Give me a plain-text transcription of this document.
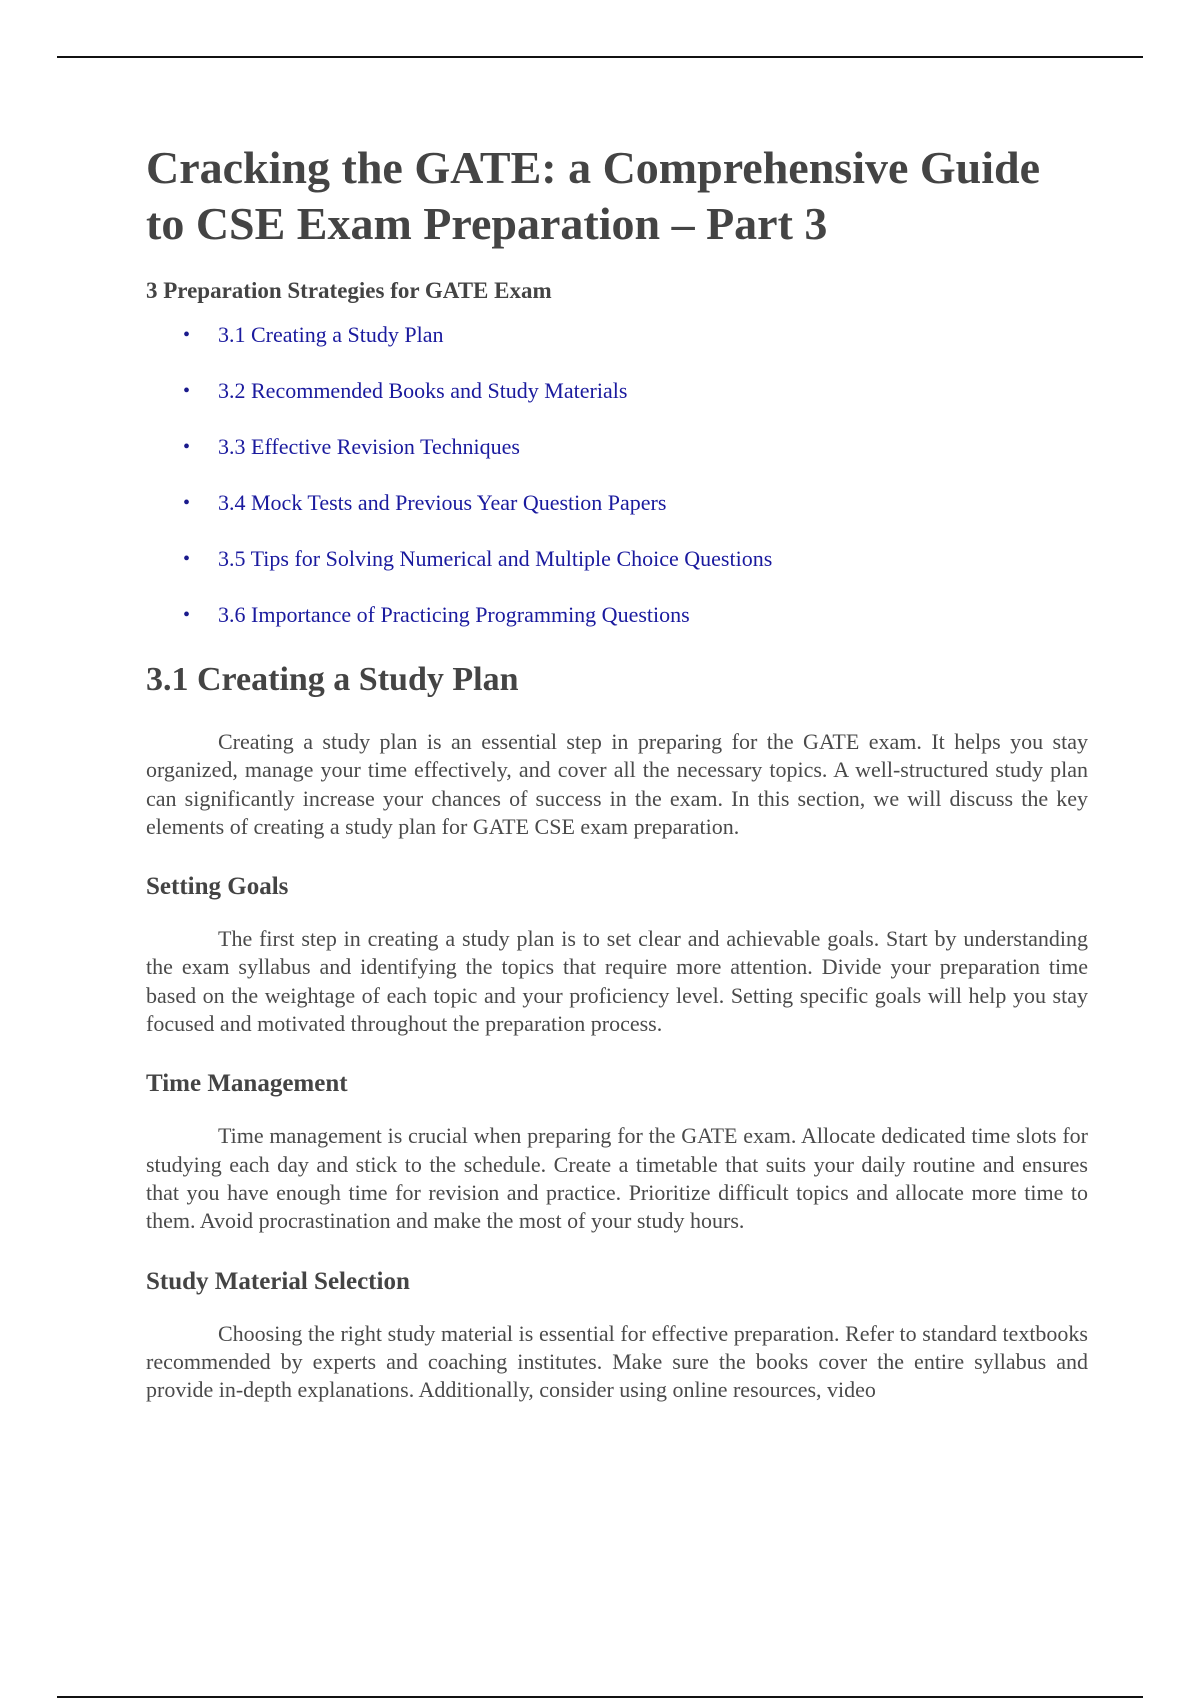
Cracking the GATE: a Comprehensive Guide to CSE Exam Preparation – Part 3

3 Preparation Strategies for GATE Exam

• 3.1 Creating a Study Plan
• 3.2 Recommended Books and Study Materials
• 3.3 Effective Revision Techniques
• 3.4 Mock Tests and Previous Year Question Papers
• 3.5 Tips for Solving Numerical and Multiple Choice Questions
• 3.6 Importance of Practicing Programming Questions
3.1 Creating a Study Plan

Creating a study plan is an essential step in preparing for the GATE exam. It helps you stay organized, manage your time effectively, and cover all the necessary topics. A well-structured study plan can significantly increase your chances of success in the exam. In this section, we will discuss the key elements of creating a study plan for GATE CSE exam preparation.

Setting Goals

The first step in creating a study plan is to set clear and achievable goals. Start by understanding the exam syllabus and identifying the topics that require more attention. Divide your preparation time based on the weightage of each topic and your proficiency level. Setting specific goals will help you stay focused and motivated throughout the preparation process.

Time Management

Time management is crucial when preparing for the GATE exam. Allocate dedicated time slots for studying each day and stick to the schedule. Create a timetable that suits your daily routine and ensures that you have enough time for revision and practice. Prioritize difficult topics and allocate more time to them. Avoid procrastination and make the most of your study hours.

Study Material Selection

Choosing the right study material is essential for effective preparation. Refer to standard textbooks recommended by experts and coaching institutes. Make sure the books cover the entire syllabus and provide in-depth explanations. Additionally, consider using online resources, video
